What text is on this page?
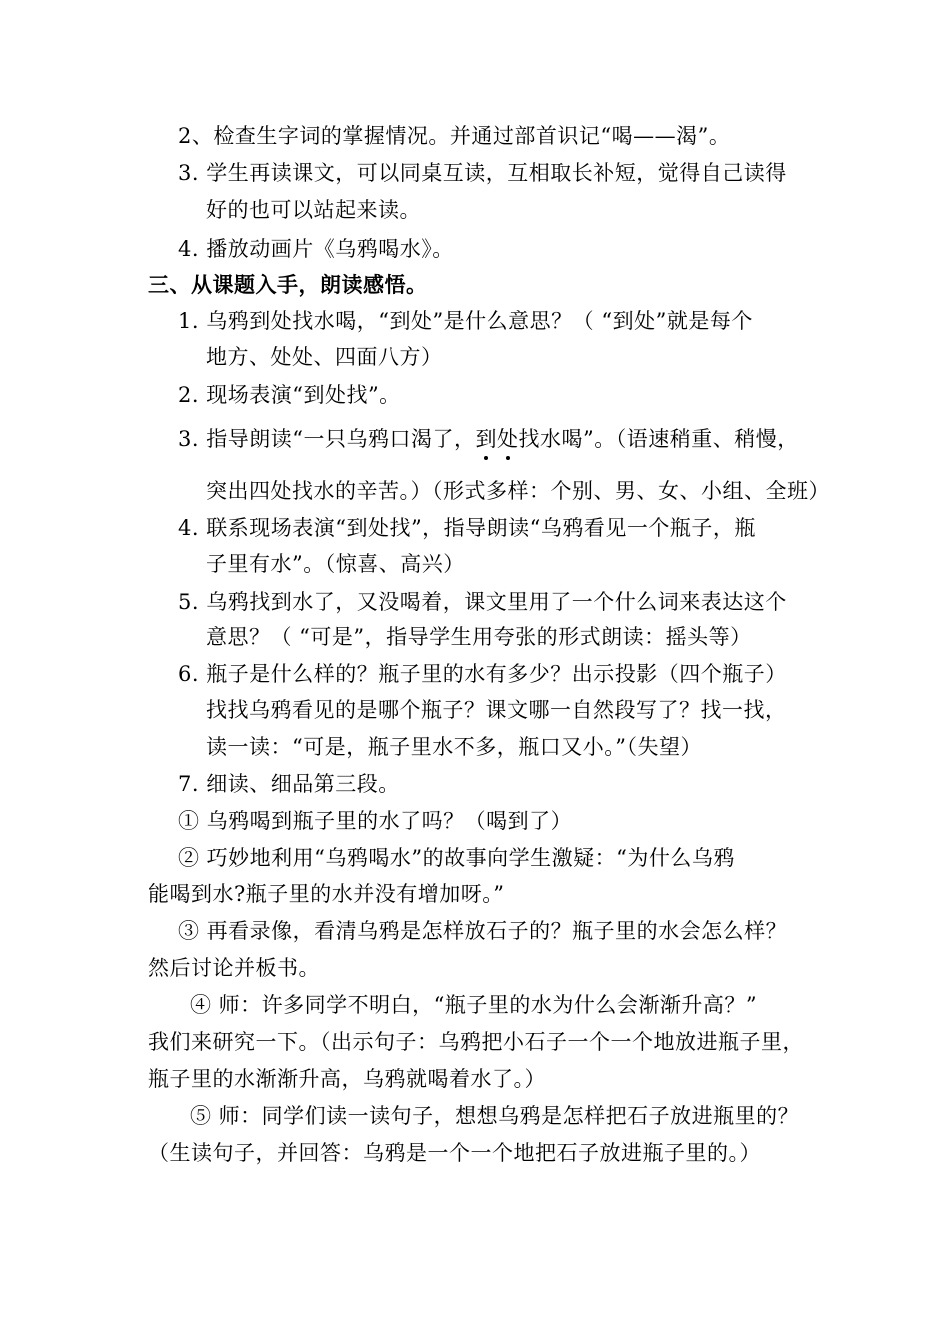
2、检查生字词的掌握情况。并通过部首识记“喝——渴”。
3. 学生再读课文，可以同桌互读，互相取长补短，觉得自己读得
好的也可以站起来读。
4. 播放动画片《乌鸦喝水》。
三、从课题入手，朗读感悟。
1. 乌鸦到处找水喝，“到处”是什么意思？（ “到处”就是每个
地方、处处、四面八方）
2. 现场表演“到处找”。
3. 指导朗读“一只乌鸦口渴了，到处找水喝”。（语速稍重、稍慢，
突出四处找水的辛苦。）（形式多样：个别、男、女、小组、全班）
4. 联系现场表演“到处找”，指导朗读“乌鸦看见一个瓶子，瓶
子里有水”。（惊喜、高兴）
5. 乌鸦找到水了，又没喝着，课文里用了一个什么词来表达这个
意思？（ “可是”，指导学生用夸张的形式朗读：摇头等）
6. 瓶子是什么样的？瓶子里的水有多少？出示投影（四个瓶子）
找找乌鸦看见的是哪个瓶子？课文哪一自然段写了？找一找，
读一读：“可是，瓶子里水不多，瓶口又小。”（失望）
7. 细读、细品第三段。
① 乌鸦喝到瓶子里的水了吗？（喝到了）
② 巧妙地利用“乌鸦喝水”的故事向学生激疑：“为什么乌鸦
能喝到水?瓶子里的水并没有增加呀。”
③ 再看录像，看清乌鸦是怎样放石子的？瓶子里的水会怎么样？
然后讨论并板书。
④ 师：许多同学不明白，“瓶子里的水为什么会渐渐升高？”
我们来研究一下。（出示句子：乌鸦把小石子一个一个地放进瓶子里，
瓶子里的水渐渐升高，乌鸦就喝着水了。）
⑤ 师：同学们读一读句子，想想乌鸦是怎样把石子放进瓶里的？
（生读句子，并回答：乌鸦是一个一个地把石子放进瓶子里的。）
